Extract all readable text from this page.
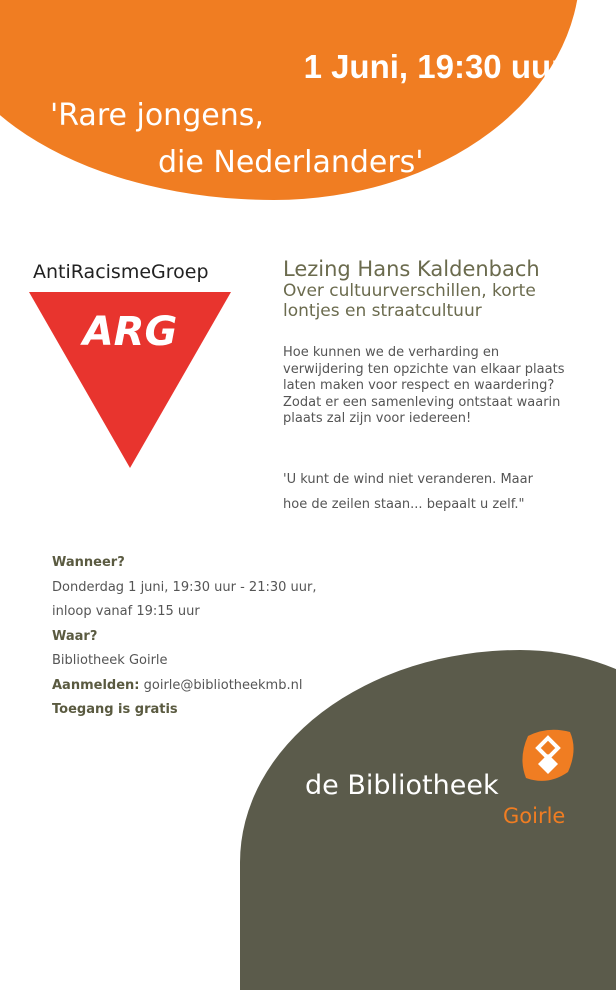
1 Juni, 19:30 uur
'Rare jongens,
die Nederlanders'
AntiRacismeGroep
ARG
Lezing Hans Kaldenbach
Over cultuurverschillen, korte
lontjes en straatcultuur
Hoe kunnen we de verharding en verwijdering ten opzichte van elkaar plaats laten maken voor respect en waardering? Zodat er een samenleving ontstaat waarin plaats zal zijn voor iedereen!
'U kunt de wind niet veranderen. Maar
hoe de zeilen staan... bepaalt u zelf."
Wanneer?
Donderdag 1 juni, 19:30 uur - 21:30 uur,
inloop vanaf 19:15 uur
Waar?
Bibliotheek Goirle
Aanmelden: goirle@bibliotheekmb.nl
Toegang is gratis
de Bibliotheek
Goirle
